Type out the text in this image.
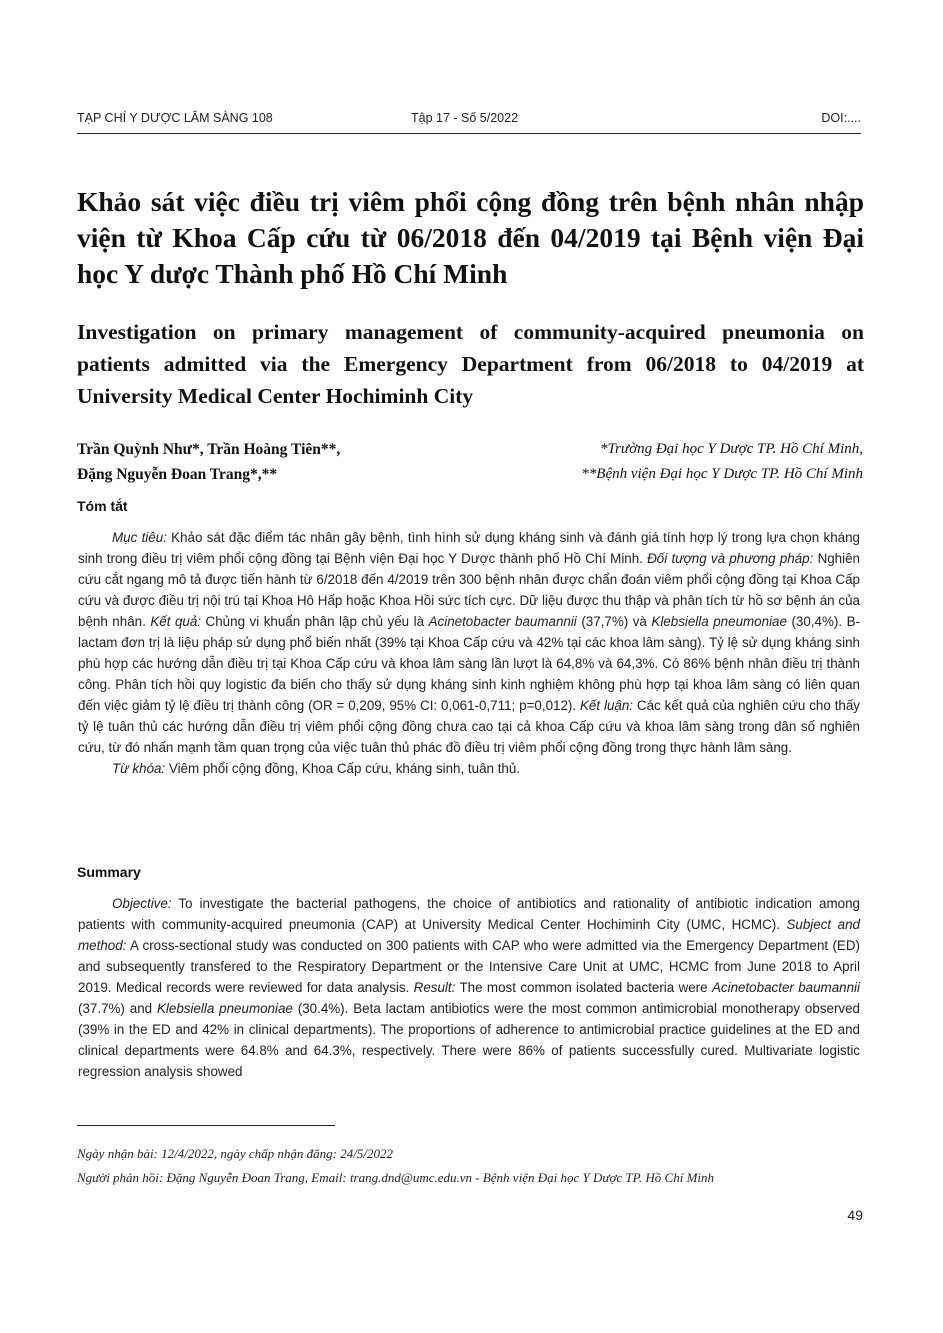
TẠP CHÍ Y DƯỢC LÂM SÀNG 108	Tập 17 - Số 5/2022	DOI:....
Khảo sát việc điều trị viêm phổi cộng đồng trên bệnh nhân nhập viện từ Khoa Cấp cứu từ 06/2018 đến 04/2019 tại Bệnh viện Đại học Y dược Thành phố Hồ Chí Minh
Investigation on primary management of community-acquired pneumonia on patients admitted via the Emergency Department from 06/2018 to 04/2019 at University Medical Center Hochiminh City
Trần Quỳnh Như*, Trần Hoàng Tiên**,
Đặng Nguyễn Đoan Trang*,**
*Trường Đại học Y Dược TP. Hồ Chí Minh,
**Bệnh viện Đại học Y Dược TP. Hồ Chí Minh
Tóm tắt

Mục tiêu: Khảo sát đặc điểm tác nhân gây bệnh, tình hình sử dụng kháng sinh và đánh giá tính hợp lý trong lựa chọn kháng sinh trong điều trị viêm phổi cộng đồng tại Bệnh viện Đại học Y Dược thành phố Hồ Chí Minh. Đối tượng và phương pháp: Nghiên cứu cắt ngang mô tả được tiến hành từ 6/2018 đến 4/2019 trên 300 bệnh nhân được chẩn đoán viêm phổi cộng đồng tại Khoa Cấp cứu và được điều trị nội trú tại Khoa Hô Hấp hoặc Khoa Hồi sức tích cực. Dữ liệu được thu thập và phân tích từ hồ sơ bệnh án của bệnh nhân. Kết quả: Chủng vi khuẩn phân lập chủ yếu là Acinetobacter baumannii (37,7%) và Klebsiella pneumoniae (30,4%). B-lactam đơn trị là liệu pháp sử dụng phổ biến nhất (39% tại Khoa Cấp cứu và 42% tại các khoa lâm sàng). Tỷ lệ sử dụng kháng sinh phù hợp các hướng dẫn điều trị tại Khoa Cấp cứu và khoa lâm sàng lần lượt là 64,8% và 64,3%. Có 86% bệnh nhân điều trị thành công. Phân tích hồi quy logistic đa biến cho thấy sử dụng kháng sinh kinh nghiệm không phù hợp tại khoa lâm sàng có liên quan đến việc giảm tỷ lệ điều trị thành công (OR = 0,209, 95% CI: 0,061-0,711; p=0,012). Kết luận: Các kết quả của nghiên cứu cho thấy tỷ lệ tuân thủ các hướng dẫn điều trị viêm phổi cộng đồng chưa cao tại cả khoa Cấp cứu và khoa lâm sàng trong dân số nghiên cứu, từ đó nhấn mạnh tầm quan trọng của việc tuân thủ phác đồ điều trị viêm phổi cộng đồng trong thực hành lâm sàng.

Từ khóa: Viêm phổi cộng đồng, Khoa Cấp cứu, kháng sinh, tuân thủ.

Summary

Objective: To investigate the bacterial pathogens, the choice of antibiotics and rationality of antibiotic indication among patients with community-acquired pneumonia (CAP) at University Medical Center Hochiminh City (UMC, HCMC). Subject and method: A cross-sectional study was conducted on 300 patients with CAP who were admitted via the Emergency Department (ED) and subsequently transfered to the Respiratory Department or the Intensive Care Unit at UMC, HCMC from June 2018 to April 2019. Medical records were reviewed for data analysis. Result: The most common isolated bacteria were Acinetobacter baumannii (37.7%) and Klebsiella pneumoniae (30.4%). Beta lactam antibiotics were the most common antimicrobial monotherapy observed (39% in the ED and 42% in clinical departments). The proportions of adherence to antimicrobial practice guidelines at the ED and clinical departments were 64.8% and 64.3%, respectively. There were 86% of patients successfully cured. Multivariate logistic regression analysis showed

Ngày nhận bài: 12/4/2022, ngày chấp nhận đăng: 24/5/2022
Người phản hồi: Đặng Nguyễn Đoan Trang, Email: trang.dnd@umc.edu.vn - Bệnh viện Đại học Y Dược TP. Hồ Chí Minh
49
